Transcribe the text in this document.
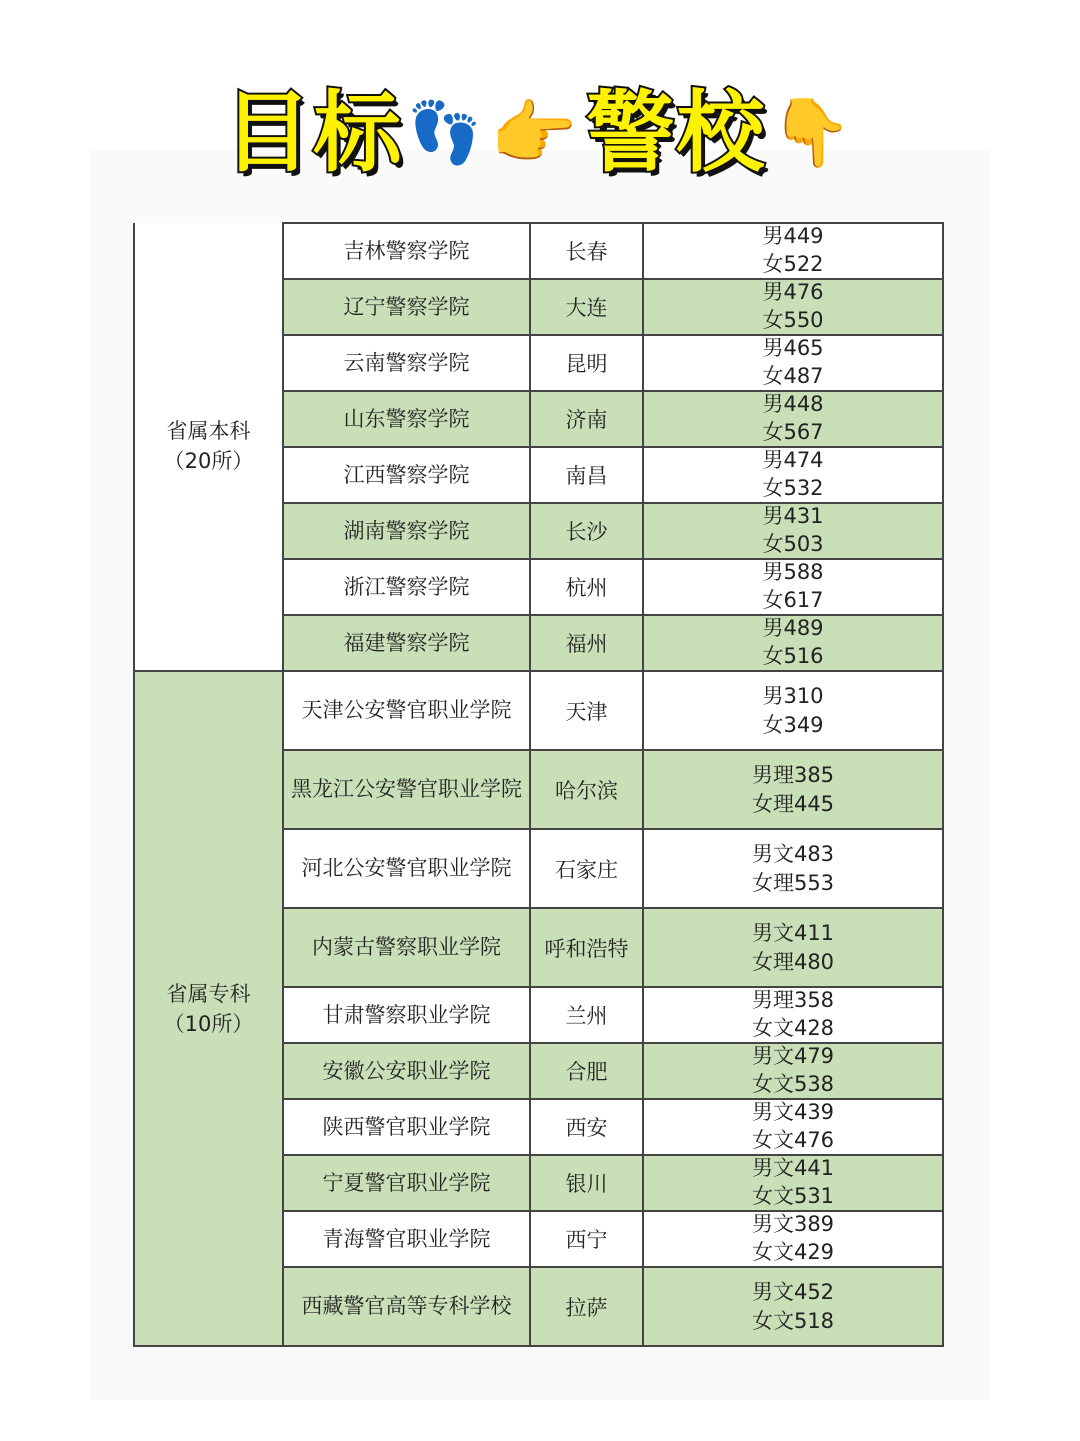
目标👣 👉 警校👇
省属本科
（20所）	吉林警察学院	长春	男449
女522

	辽宁警察学院	大连	男476
女550

	云南警察学院	昆明	男465
女487

	山东警察学院	济南	男448
女567

	江西警察学院	南昌	男474
女532

	湖南警察学院	长沙	男431
女503

	浙江警察学院	杭州	男588
女617

	福建警察学院	福州	男489
女516

省属专科
（10所）	天津公安警官职业学院	天津	男310
女349

	黑龙江公安警官职业学院	哈尔滨	男理385
女理445

	河北公安警官职业学院	石家庄	男文483
女理553

	内蒙古警察职业学院	呼和浩特	男文411
女理480

	甘肃警察职业学院	兰州	男理358
女文428

	安徽公安职业学院	合肥	男文479
女文538

	陕西警官职业学院	西安	男文439
女文476

	宁夏警官职业学院	银川	男文441
女文531

	青海警官职业学院	西宁	男文389
女文429

	西藏警官高等专科学校	拉萨	男文452
女文518
